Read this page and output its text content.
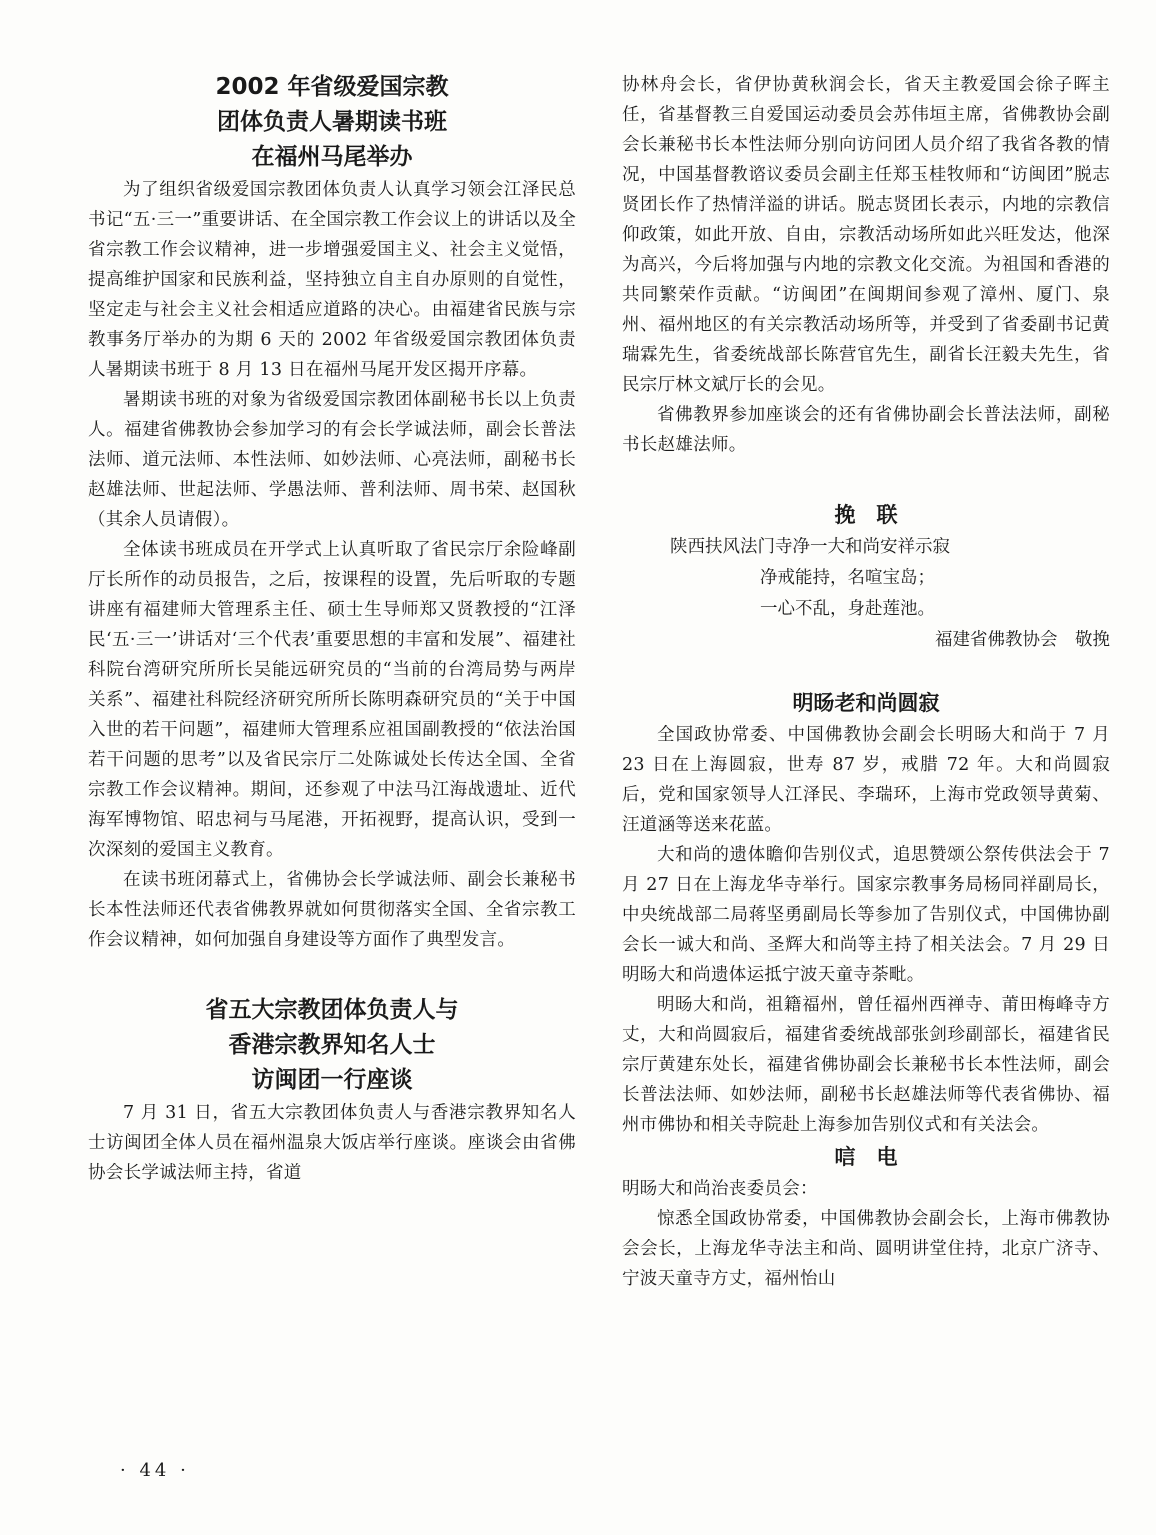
2002 年省级爱国宗教
团体负责人暑期读书班
在福州马尾举办

为了组织省级爱国宗教团体负责人认真学习领会江泽民总书记“五·三一”重要讲话、在全国宗教工作会议上的讲话以及全省宗教工作会议精神，进一步增强爱国主义、社会主义觉悟，提高维护国家和民族利益，坚持独立自主自办原则的自觉性，坚定走与社会主义社会相适应道路的决心。由福建省民族与宗教事务厅举办的为期 6 天的 2002 年省级爱国宗教团体负责人暑期读书班于 8 月 13 日在福州马尾开发区揭开序幕。

暑期读书班的对象为省级爱国宗教团体副秘书长以上负责人。福建省佛教协会参加学习的有会长学诚法师，副会长普法法师、道元法师、本性法师、如妙法师、心亮法师，副秘书长赵雄法师、世起法师、学愚法师、普利法师、周书荣、赵国秋（其余人员请假）。

全体读书班成员在开学式上认真听取了省民宗厅余险峰副厅长所作的动员报告，之后，按课程的设置，先后听取的专题讲座有福建师大管理系主任、硕士生导师郑又贤教授的“江泽民‘五·三一’讲话对‘三个代表’重要思想的丰富和发展”、福建社科院台湾研究所所长吴能远研究员的“当前的台湾局势与两岸关系”、福建社科院经济研究所所长陈明森研究员的“关于中国入世的若干问题”，福建师大管理系应祖国副教授的“依法治国若干问题的思考”以及省民宗厅二处陈诚处长传达全国、全省宗教工作会议精神。期间，还参观了中法马江海战遗址、近代海军博物馆、昭忠祠与马尾港，开拓视野，提高认识，受到一次深刻的爱国主义教育。

在读书班闭幕式上，省佛协会长学诚法师、副会长兼秘书长本性法师还代表省佛教界就如何贯彻落实全国、全省宗教工作会议精神，如何加强自身建设等方面作了典型发言。

省五大宗教团体负责人与
香港宗教界知名人士
访闽团一行座谈

7 月 31 日，省五大宗教团体负责人与香港宗教界知名人士访闽团全体人员在福州温泉大饭店举行座谈。座谈会由省佛协会长学诚法师主持，省道

协林舟会长，省伊协黄秋润会长，省天主教爱国会徐子晖主任，省基督教三自爱国运动委员会苏伟垣主席，省佛教协会副会长兼秘书长本性法师分别向访问团人员介绍了我省各教的情况，中国基督教谘议委员会副主任郑玉桂牧师和“访闽团”脱志贤团长作了热情洋溢的讲话。脱志贤团长表示，内地的宗教信仰政策，如此开放、自由，宗教活动场所如此兴旺发达，他深为高兴，今后将加强与内地的宗教文化交流。为祖国和香港的共同繁荣作贡献。“访闽团”在闽期间参观了漳州、厦门、泉州、福州地区的有关宗教活动场所等，并受到了省委副书记黄瑞霖先生，省委统战部长陈营官先生，副省长汪毅夫先生，省民宗厅林文斌厅长的会见。

省佛教界参加座谈会的还有省佛协副会长普法法师，副秘书长赵雄法师。

挽　联
陕西扶风法门寺净一大和尚安祥示寂
净戒能持，名喧宝岛；
一心不乱，身赴莲池。
福建省佛教协会　敬挽
明旸老和尚圆寂

全国政协常委、中国佛教协会副会长明旸大和尚于 7 月 23 日在上海圆寂，世寿 87 岁，戒腊 72 年。大和尚圆寂后，党和国家领导人江泽民、李瑞环，上海市党政领导黄菊、汪道涵等送来花蓝。

大和尚的遗体瞻仰告别仪式，追思赞颂公祭传供法会于 7 月 27 日在上海龙华寺举行。国家宗教事务局杨同祥副局长，中央统战部二局蒋坚勇副局长等参加了告别仪式，中国佛协副会长一诚大和尚、圣辉大和尚等主持了相关法会。7 月 29 日明旸大和尚遗体运抵宁波天童寺荼毗。

明旸大和尚，祖籍福州，曾任福州西禅寺、莆田梅峰寺方丈，大和尚圆寂后，福建省委统战部张剑珍副部长，福建省民宗厅黄建东处长，福建省佛协副会长兼秘书长本性法师，副会长普法法师、如妙法师，副秘书长赵雄法师等代表省佛协、福州市佛协和相关寺院赴上海参加告别仪式和有关法会。

唁　电

明旸大和尚治丧委员会：

惊悉全国政协常委，中国佛教协会副会长，上海市佛教协会会长，上海龙华寺法主和尚、圆明讲堂住持，北京广济寺、宁波天童寺方丈，福州怡山

· 44 ·
